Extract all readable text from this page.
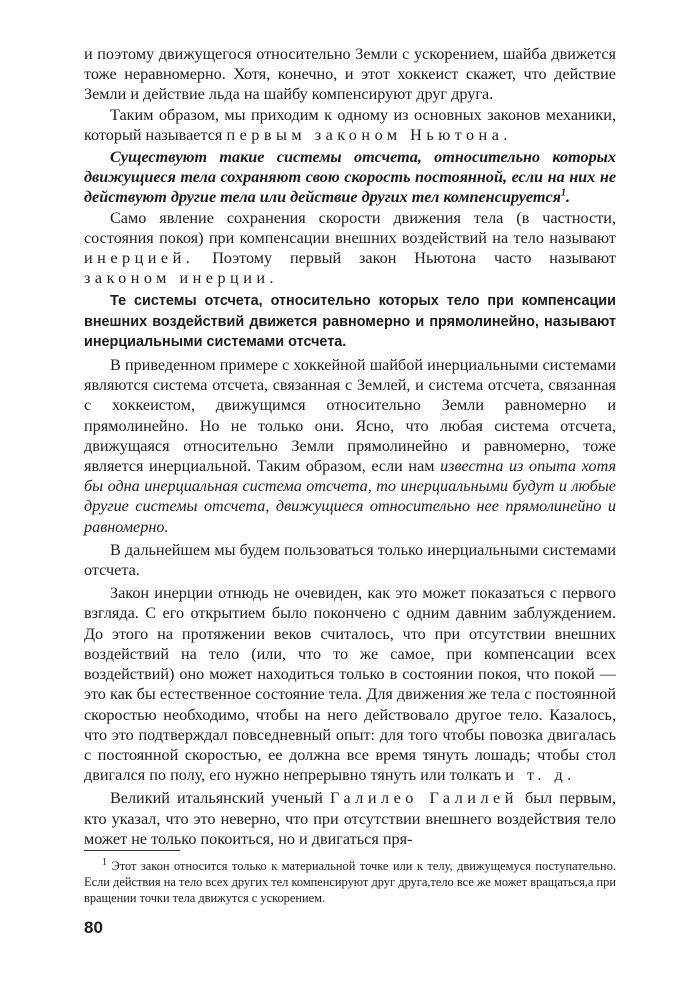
и поэтому движущегося относительно Земли с ускорением, шайба движется тоже неравномерно. Хотя, конечно, и этот хоккеист скажет, что действие Земли и действие льда на шайбу компенсируют друг друга.

Таким образом, мы приходим к одному из основных законов механики, который называется первым законом Ньютона.

Существуют такие системы отсчета, относительно которых движущиеся тела сохраняют свою скорость постоянной, если на них не действуют другие тела или действие других тел компенсируется$^1$.

Само явление сохранения скорости движения тела (в частности, состояния покоя) при компенсации внешних воздействий на тело называют инерцией. Поэтому первый закон Ньютона часто называют законом инерции.

Те системы отсчета, относительно которых тело при компенсации внешних воздействий движется равномерно и прямолинейно, называют инерциальными системами отсчета.

В приведенном примере с хоккейной шайбой инерциальными системами являются система отсчета, связанная с Землей, и система отсчета, связанная с хоккеистом, движущимся относительно Земли равномерно и прямолинейно. Но не только они. Ясно, что любая система отсчета, движущаяся относительно Земли прямолинейно и равномерно, тоже является инерциальной. Таким образом, если нам известна из опыта хотя бы одна инерциальная система отсчета, то инерциальными будут и любые другие системы отсчета, движущиеся относительно нее прямолинейно и равномерно.

В дальнейшем мы будем пользоваться только инерциальными системами отсчета.

Закон инерции отнюдь не очевиден, как это может показаться с первого взгляда. С его открытием было покончено с одним давним заблуждением. До этого на протяжении веков считалось, что при отсутствии внешних воздействий на тело (или, что то же самое, при компенсации всех воздействий) оно может находиться только в состоянии покоя, что покой — это как бы естественное состояние тела. Для движения же тела с постоянной скоростью необходимо, чтобы на него действовало другое тело. Казалось, что это подтверждал повседневный опыт: для того чтобы повозка двигалась с постоянной скоростью, ее должна все время тянуть лошадь; чтобы стол двигался по полу, его нужно непрерывно тянуть или толкать и т. д.

Великий итальянский ученый Галилео Галилей был первым, кто указал, что это неверно, что при отсутствии внешнего воздействия тело может не только покоиться, но и двигаться пря-

$^1$ Этот закон относится только к материальной точке или к телу, движущемуся поступательно. Если действия на тело всех других тел компенсируют друг друга,тело все же может вращаться,а при вращении точки тела движутся с ускорением.

80
